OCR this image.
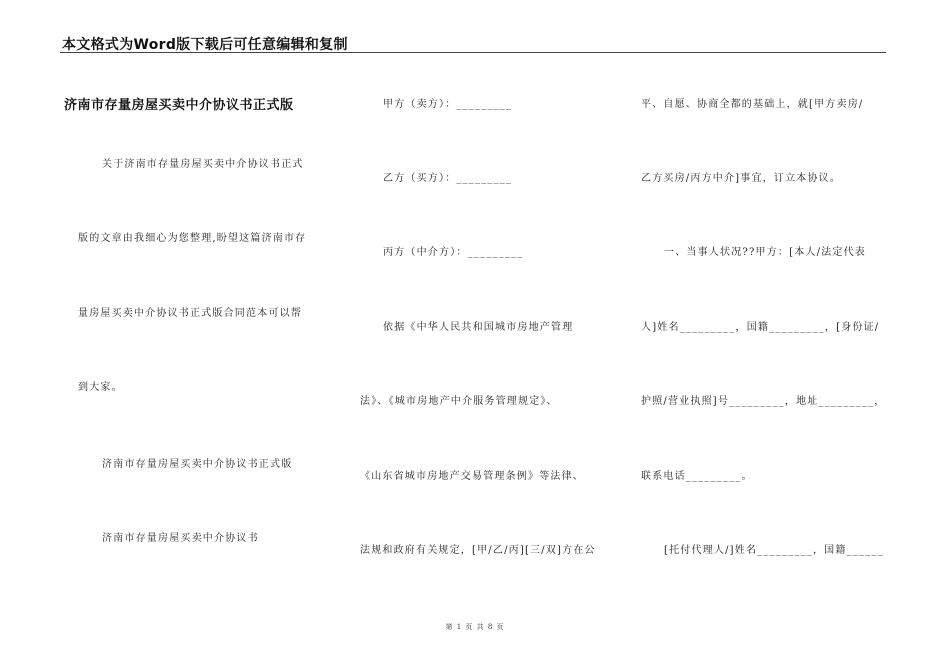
本文格式为Word版下载后可任意编辑和复制
济南市存量房屋买卖中介协议书正式版
关于济南市存量房屋买卖中介协议书正式
版的文章由我细心为您整理,盼望这篇济南市存
量房屋买卖中介协议书正式版合同范本可以帮
到大家。
济南市存量房屋买卖中介协议书正式版
济南市存量房屋买卖中介协议书
甲方（卖方）：_________
乙方（买方）：_________
丙方（中介方）：_________
依据《中华人民共和国城市房地产管理
法》、《城市房地产中介服务管理规定》、
《山东省城市房地产交易管理条例》等法律、
法规和政府有关规定，[甲/乙/丙][三/双]方在公
平、自愿、协商全都的基础上，就[甲方卖房/
乙方买房/丙方中介]事宜，订立本协议。
一、当事人状况??甲方：[本人/法定代表
人]姓名_________，国籍_________，[身份证/
护照/营业执照]号_________，地址_________，
联系电话_________。
[托付代理人/]姓名_________，国籍______
第 1 页 共 8 页
